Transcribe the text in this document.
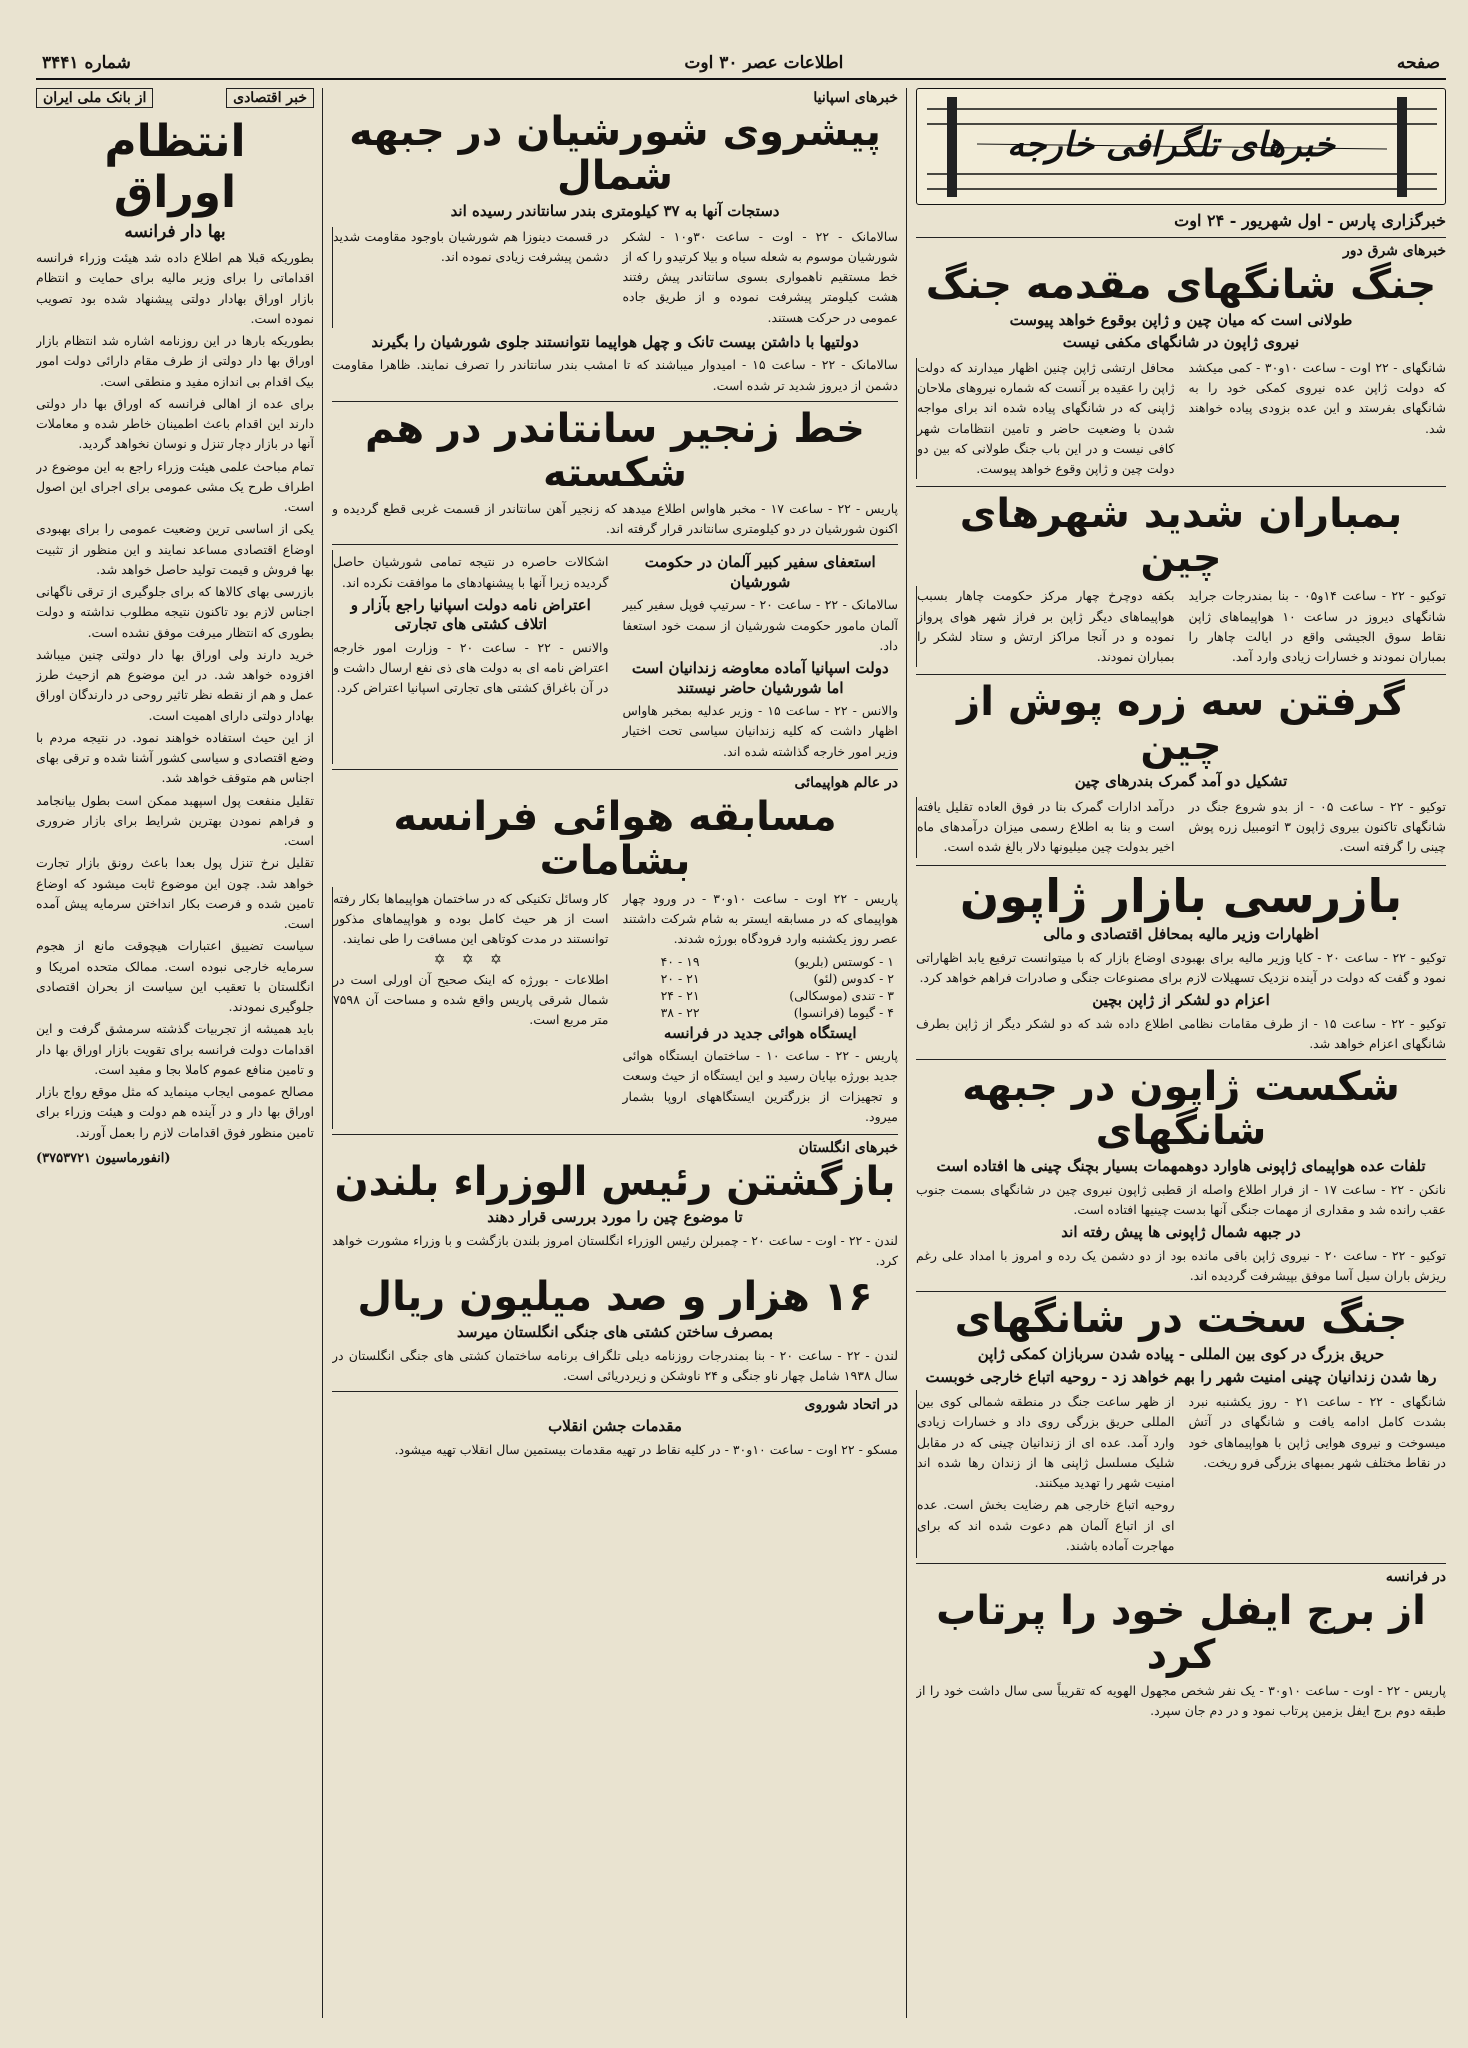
صفحه
اطلاعات عصر ۳۰ اوت
شماره ۳۴۴۱
خبرهای تلگرافی خارجه
خبرگزاری پارس - اول شهریور - ۲۴ اوت
خبرهای شرق دور
جنگ شانگهای مقدمه جنگ
طولانی است که میان چین و ژاپن بوقوع خواهد پیوست
نیروی ژاپون در شانگهای مکفی نیست
شانگهای - ۲۲ اوت - ساعت ۱۰و۳۰ - کمی میکشد که دولت ژاپن عده نیروی کمکی خود را به شانگهای بفرستد و این عده بزودی پیاده خواهند شد.
محافل ارتشی ژاپن چنین اظهار میدارند که دولت ژاپن را عقیده بر آنست که شماره نیروهای ملاحان ژاپنی که در شانگهای پیاده شده اند برای مواجه شدن با وضعیت حاضر و تامین انتظامات شهر کافی نیست و در این باب جنگ طولانی که بین دو دولت چین و ژاپن وقوع خواهد پیوست.
بمباران شدید شهرهای چین
توکیو - ۲۲ - ساعت ۱۴و۰۵ - بنا بمندرجات جراید شانگهای دیروز در ساعت ۱۰ هواپیماهای ژاپن نقاط سوق الجیشی واقع در ایالت چاهار را بمباران نمودند و خسارات زیادی وارد آمد.
بکفه دوچرخ چهار مرکز حکومت چاهار بسبب هواپیماهای دیگر ژاپن بر فراز شهر هوای پرواز نموده و در آنجا مراکز ارتش و ستاد لشکر را بمباران نمودند.
گرفتن سه زره پوش از چین
تشکیل دو آمد گمرک بندرهای چین
توکیو - ۲۲ - ساعت ۰۵ - از بدو شروع جنگ در شانگهای تاکنون بیروی ژاپون ۳ اتومبیل زره پوش چینی را گرفته است.
درآمد ادارات گمرک بنا در فوق العاده تقلیل یافته است و بنا به اطلاع رسمی میزان درآمدهای ماه اخیر بدولت چین میلیونها دلار بالغ شده است.
بازرسی بازار ژاپون
اظهارات وزیر مالیه بمحافل اقتصادی و مالی
توکیو - ۲۲ - ساعت ۲۰ - کایا وزیر مالیه برای بهبودی اوضاع بازار که با میتوانست ترفیع یابد اظهاراتی نمود و گفت که دولت در آینده نزدیک تسهیلات لازم برای مصنوعات جنگی و صادرات فراهم خواهد کرد.
اعزام دو لشکر از ژاپن بچین
توکیو - ۲۲ - ساعت ۱۵ - از طرف مقامات نظامی اطلاع داده شد که دو لشکر دیگر از ژاپن بطرف شانگهای اعزام خواهد شد.
شکست ژاپون در جبهه شانگهای
تلفات عده هواپیمای ژاپونی هاوارد دوهمهمات بسیار بچنگ چینی ها افتاده است
نانکن - ۲۲ - ساعت ۱۷ - از فرار اطلاع واصله از قطبی ژاپون نیروی چین در شانگهای بسمت جنوب عقب رانده شد و مقداری از مهمات جنگی آنها بدست چینیها افتاده است.
در جبهه شمال ژاپونی ها پیش رفته اند
توکیو - ۲۲ - ساعت ۲۰ - نیروی ژاپن باقی مانده بود از دو دشمن یک رده و امروز با امداد علی رغم ریزش باران سیل آسا موفق بپیشرفت گردیده اند.
جنگ سخت در شانگهای
حریق بزرگ در کوی بین المللی - پیاده شدن سربازان کمکی ژاپن
رها شدن زندانیان چینی امنیت شهر را بهم خواهد زد - روحیه اتباع خارجی خوبست
شانگهای - ۲۲ - ساعت ۲۱ - روز یکشنبه نبرد بشدت کامل ادامه یافت و شانگهای در آتش میسوخت و نیروی هوایی ژاپن با هواپیماهای خود در نقاط مختلف شهر بمبهای بزرگی فرو ریخت.
از ظهر ساعت جنگ در منطقه شمالی کوی بین المللی حریق بزرگی روی داد و خسارات زیادی وارد آمد. عده ای از زندانیان چینی که در مقابل شلیک مسلسل ژاپنی ها از زندان رها شده اند امنیت شهر را تهدید میکنند.
روحیه اتباع خارجی هم رضایت بخش است. عده ای از اتباع آلمان هم دعوت شده اند که برای مهاجرت آماده باشند.
در فرانسه
از برج ایفل خود را پرتاب کرد
پاریس - ۲۲ - اوت - ساعت ۱۰و۳۰ - یک نفر شخص مجهول الهویه که تقریباً سی سال داشت خود را از طبقه دوم برج ایفل بزمین پرتاب نمود و در دم جان سپرد.
خبرهای اسپانیا
پیشروی شورشیان در جبهه شمال
دستجات آنها به ۳۷ کیلومتری بندر سانتاندر رسیده اند
سالامانک - ۲۲ - اوت - ساعت ۳۰و۱۰ - لشکر شورشیان موسوم به شعله سیاه و بیلا کرتیدو را که از خط مستقیم ناهمواری بسوی سانتاندر پیش رفتند هشت کیلومتر پیشرفت نموده و از طریق جاده عمومی در حرکت هستند.
در قسمت دینوزا هم شورشیان باوجود مقاومت شدید دشمن پیشرفت زیادی نموده اند.
دولتیها با داشتن بیست تانک و چهل هواپیما نتوانستند جلوی شورشیان را بگیرند
سالامانک - ۲۲ - ساعت ۱۵ - امیدوار میباشند که تا امشب بندر سانتاندر را تصرف نمایند. ظاهرا مقاومت دشمن از دیروز شدید تر شده است.
خط زنجیر سانتاندر در هم شکسته
پاریس - ۲۲ - ساعت ۱۷ - مخبر هاواس اطلاع میدهد که زنجیر آهن سانتاندر از قسمت غربی قطع گردیده و اکنون شورشیان در دو کیلومتری سانتاندر قرار گرفته اند.
استعفای سفیر کبیر آلمان در حکومت شورشیان
سالامانک - ۲۲ - ساعت ۲۰ - سرتیپ فوپل سفیر کبیر آلمان مامور حکومت شورشیان از سمت خود استعفا داد.
دولت اسپانیا آماده معاوضه زندانیان است اما شورشیان حاضر نیستند
والانس - ۲۲ - ساعت ۱۵ - وزیر عدلیه بمخبر هاواس اظهار داشت که کلیه زندانیان سیاسی تحت اختیار وزیر امور خارجه گذاشته شده اند.
اشکالات حاصره در نتیجه تمامی شورشیان حاصل گردیده زیرا آنها با پیشنهادهای ما موافقت نکرده اند.
اعتراض نامه دولت اسپانیا راجع بآزار و اتلاف کشتی های تجارتی
والانس - ۲۲ - ساعت ۲۰ - وزارت امور خارجه اعتراض نامه ای به دولت های ذی نفع ارسال داشت و در آن باغراق کشتی های تجارتی اسپانیا اعتراض کرد.
در عالم هواپیمائی
مسابقه هوائی فرانسه بشامات
پاریس - ۲۲ اوت - ساعت ۱۰و۳۰ - در ورود چهار هواپیمای که در مسابقه ایستر به شام شرکت داشتند عصر روز یکشنبه وارد فرودگاه بورژه شدند.
۱ - کوستس (بلریو)	۱۹ - ۴۰
۲ - کدوس (لئو)	۲۱ - ۲۰
۳ - تندی (موسکالی)	۲۱ - ۲۴
۴ - گیوما (فرانسوا)	۲۲ - ۳۸
ایستگاه هوائی جدید در فرانسه
پاریس - ۲۲ - ساعت ۱۰ - ساختمان ایستگاه هوائی جدید بورژه بپایان رسید و این ایستگاه از حیث وسعت و تجهیزات از بزرگترین ایستگاههای اروپا بشمار میرود.
کار وسائل تکنیکی که در ساختمان هواپیماها بکار رفته است از هر حیث کامل بوده و هواپیماهای مذکور توانستند در مدت کوتاهی این مسافت را طی نمایند.
✡ ✡ ✡
اطلاعات - بورژه که اینک صحیح آن اورلی است در شمال شرقی پاریس واقع شده و مساحت آن ۷۵۹۸ متر مربع است.
خبرهای انگلستان
بازگشتن رئیس الوزراء بلندن
تا موضوع چین را مورد بررسی قرار دهند
لندن - ۲۲ - اوت - ساعت ۲۰ - چمبرلن رئیس الوزراء انگلستان امروز بلندن بازگشت و با وزراء مشورت خواهد کرد.
۱۶ هزار و صد میلیون ریال
بمصرف ساختن کشتی های جنگی انگلستان میرسد
لندن - ۲۲ - ساعت ۲۰ - بنا بمندرجات روزنامه دیلی تلگراف برنامه ساختمان کشتی های جنگی انگلستان در سال ۱۹۳۸ شامل چهار ناو جنگی و ۲۴ ناوشکن و زیردریائی است.
در اتحاد شوروی
مقدمات جشن انقلاب
مسکو - ۲۲ اوت - ساعت ۱۰و۳۰ - در کلیه نقاط در تهیه مقدمات بیستمین سال انقلاب تهیه میشود.
خبر اقتصادی
از بانک ملی ایران
انتظام اوراق
بها دار فرانسه
بطوریکه قبلا هم اطلاع داده شد هیئت وزراء فرانسه اقداماتی را برای وزیر مالیه برای حمایت و انتظام بازار اوراق بهادار دولتی پیشنهاد شده بود تصویب نموده است.
بطوریکه بارها در این روزنامه اشاره شد انتظام بازار اوراق بها دار دولتی از طرف مقام دارائی دولت امور بیک اقدام بی اندازه مفید و منطقی است.
برای عده از اهالی فرانسه که اوراق بها دار دولتی دارند این اقدام باعث اطمینان خاطر شده و معاملات آنها در بازار دچار تنزل و نوسان نخواهد گردید.
تمام مباحث علمی هیئت وزراء راجع به این موضوع در اطراف طرح یک مشی عمومی برای اجرای این اصول است.
یکی از اساسی ترین وضعیت عمومی را برای بهبودی اوضاع اقتصادی مساعد نمایند و این منظور از تثبیت بها فروش و قیمت تولید حاصل خواهد شد.
بازرسی بهای کالاها که برای جلوگیری از ترقی ناگهانی اجناس لازم بود تاکنون نتیجه مطلوب نداشته و دولت بطوری که انتظار میرفت موفق نشده است.
خرید دارند ولی اوراق بها دار دولتی چنین میباشد افزوده خواهد شد. در این موضوع هم ازحیث طرز عمل و هم از نقطه نظر تاثیر روحی در دارندگان اوراق بهادار دولتی دارای اهمیت است.
از این حیث استفاده خواهند نمود. در نتیجه مردم با وضع اقتصادی و سیاسی کشور آشنا شده و ترقی بهای اجناس هم متوقف خواهد شد.
تقلیل منفعت پول اسپهبد ممکن است بطول بیانجامد و فراهم نمودن بهترین شرایط برای بازار ضروری است.
تقلیل نرخ تنزل پول بعدا باعث رونق بازار تجارت خواهد شد. چون این موضوع ثابت میشود که اوضاع تامین شده و فرصت بکار انداختن سرمایه پیش آمده است.
سیاست تضییق اعتبارات هیچوقت مانع از هجوم سرمایه خارجی نبوده است. ممالک متحده امریکا و انگلستان با تعقیب این سیاست از بحران اقتصادی جلوگیری نمودند.
باید همیشه از تجربیات گذشته سرمشق گرفت و این اقدامات دولت فرانسه برای تقویت بازار اوراق بها دار و تامین منافع عموم کاملا بجا و مفید است.
مصالح عمومی ایجاب مینماید که مثل موقع رواج بازار اوراق بها دار و در آینده هم دولت و هیئت وزراء برای تامین منظور فوق اقدامات لازم را بعمل آورند.
(انفورماسیون ۳۷۵۳۷۲۱)
